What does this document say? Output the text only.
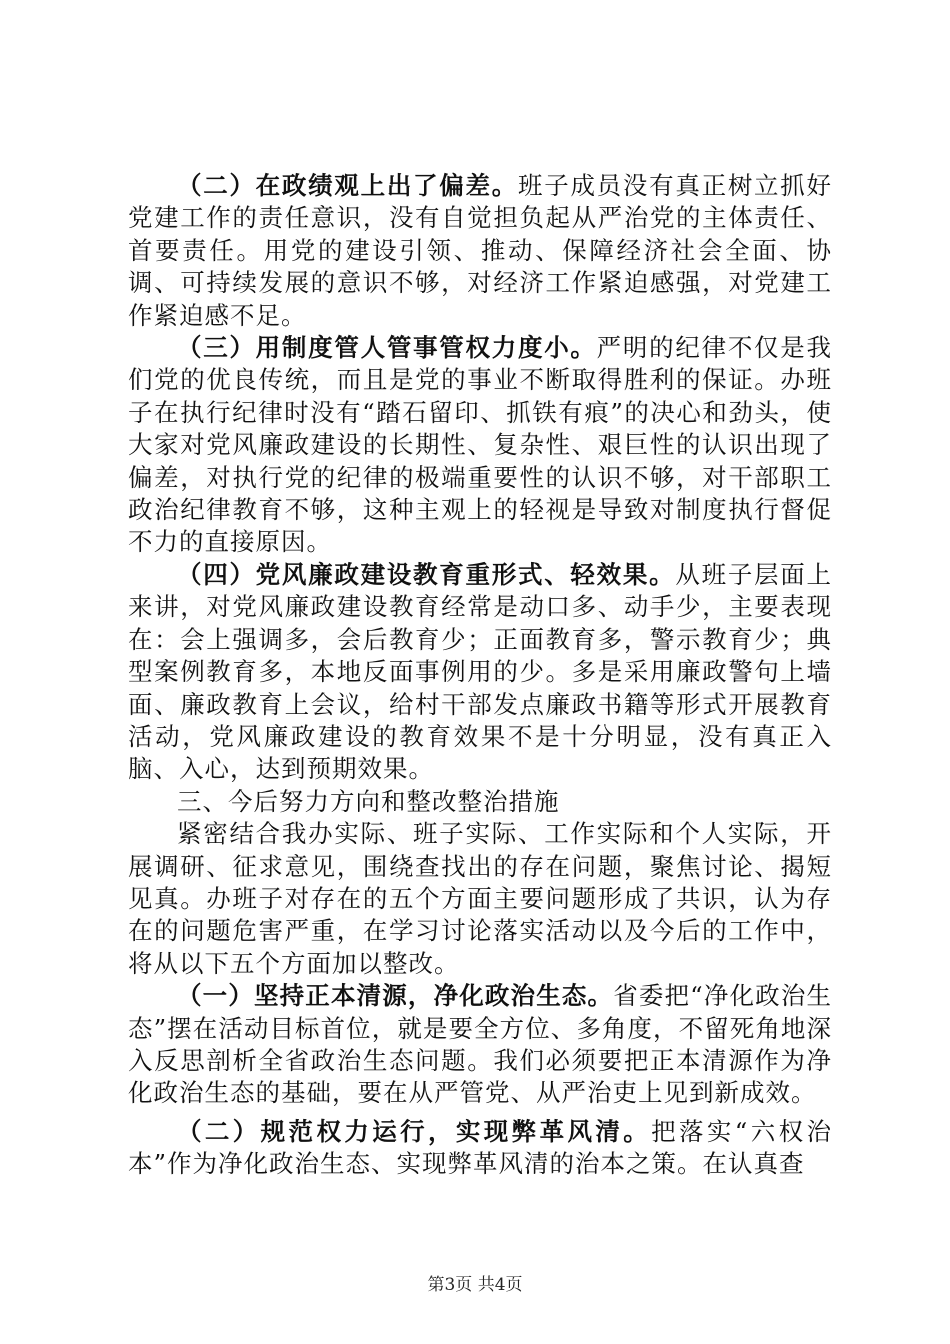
（二）在政绩观上出了偏差。班子成员没有真正树立抓好党建工作的责任意识，没有自觉担负起从严治党的主体责任、首要责任。用党的建设引领、推动、保障经济社会全面、协调、可持续发展的意识不够，对经济工作紧迫感强，对党建工作紧迫感不足。

（三）用制度管人管事管权力度小。严明的纪律不仅是我们党的优良传统，而且是党的事业不断取得胜利的保证。办班子在执行纪律时没有“踏石留印、抓铁有痕”的决心和劲头，使大家对党风廉政建设的长期性、复杂性、艰巨性的认识出现了偏差，对执行党的纪律的极端重要性的认识不够，对干部职工政治纪律教育不够，这种主观上的轻视是导致对制度执行督促不力的直接原因。

（四）党风廉政建设教育重形式、轻效果。从班子层面上来讲，对党风廉政建设教育经常是动口多、动手少，主要表现在：会上强调多，会后教育少；正面教育多，警示教育少；典型案例教育多，本地反面事例用的少。多是采用廉政警句上墙面、廉政教育上会议，给村干部发点廉政书籍等形式开展教育活动，党风廉政建设的教育效果不是十分明显，没有真正入脑、入心，达到预期效果。

三、今后努力方向和整改整治措施

紧密结合我办实际、班子实际、工作实际和个人实际，开展调研、征求意见，围绕查找出的存在问题，聚焦讨论、揭短见真。办班子对存在的五个方面主要问题形成了共识，认为存在的问题危害严重，在学习讨论落实活动以及今后的工作中，将从以下五个方面加以整改。

（一）坚持正本清源，净化政治生态。省委把“净化政治生态”摆在活动目标首位，就是要全方位、多角度，不留死角地深入反思剖析全省政治生态问题。我们必须要把正本清源作为净化政治生态的基础，要在从严管党、从严治吏上见到新成效。

（二）规范权力运行，实现弊革风清。把落实“六权治本”作为净化政治生态、实现弊革风清的治本之策。在认真查

第3页 共4页
